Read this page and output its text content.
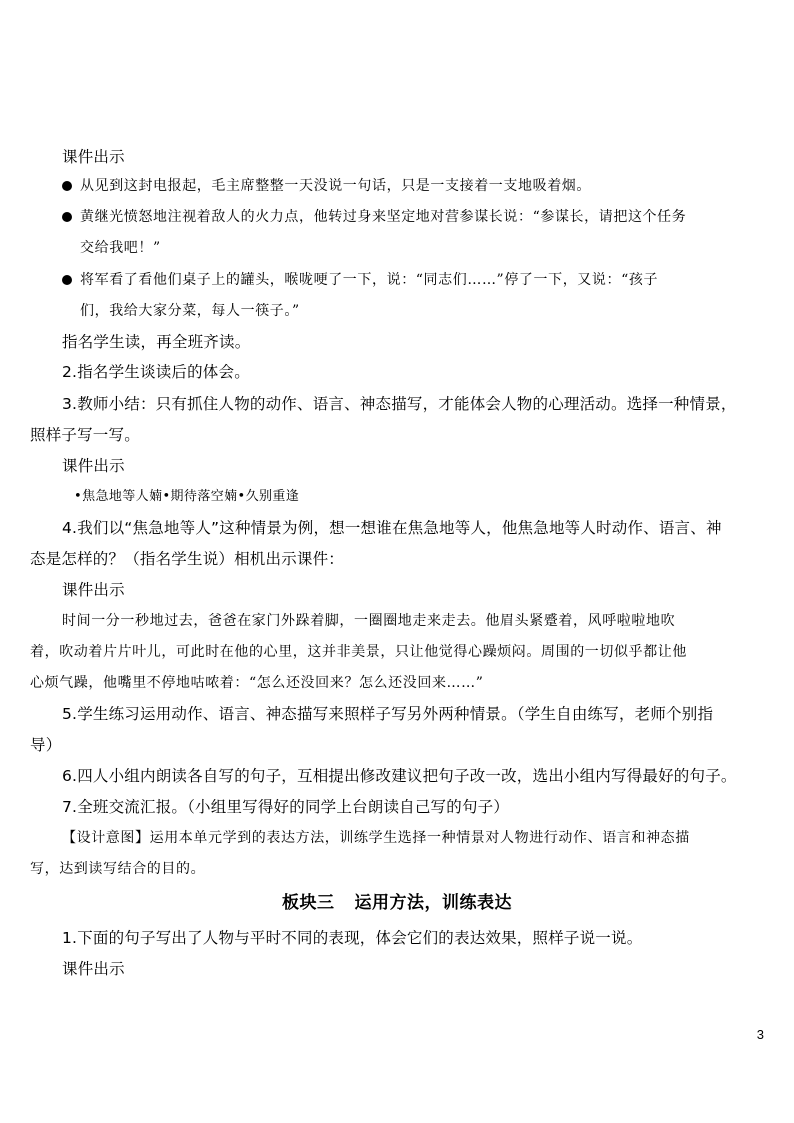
课件出示
从见到这封电报起，毛主席整整一天没说一句话，只是一支接着一支地吸着烟。
黄继光愤怒地注视着敌人的火力点，他转过身来坚定地对营参谋长说：“参谋长，请把这个任务
交给我吧！”
将军看了看他们桌子上的罐头，喉咙哽了一下，说：“同志们……”停了一下，又说：“孩子
们，我给大家分菜，每人一筷子。”
指名学生读，再全班齐读。
2.指名学生谈读后的体会。
3.教师小结：只有抓住人物的动作、语言、神态描写，才能体会人物的心理活动。选择一种情景，
照样子写一写。
课件出示
•焦急地等人婻•期待落空婻•久别重逢
4.我们以“焦急地等人”这种情景为例，想一想谁在焦急地等人，他焦急地等人时动作、语言、神
态是怎样的？（指名学生说）相机出示课件：
课件出示
时间一分一秒地过去，爸爸在家门外跺着脚，一圈圈地走来走去。他眉头紧蹙着，风呼啦啦地吹
着，吹动着片片叶儿，可此时在他的心里，这并非美景，只让他觉得心躁烦闷。周围的一切似乎都让他
心烦气躁，他嘴里不停地咕哝着：“怎么还没回来？怎么还没回来……”
5.学生练习运用动作、语言、神态描写来照样子写另外两种情景。（学生自由练写，老师个别指
导）
6.四人小组内朗读各自写的句子，互相提出修改建议把句子改一改，选出小组内写得最好的句子。
7.全班交流汇报。（小组里写得好的同学上台朗读自己写的句子）
【设计意图】运用本单元学到的表达方法，训练学生选择一种情景对人物进行动作、语言和神态描
写，达到读写结合的目的。
板块三 运用方法，训练表达
1.下面的句子写出了人物与平时不同的表现，体会它们的表达效果，照样子说一说。
课件出示
3
